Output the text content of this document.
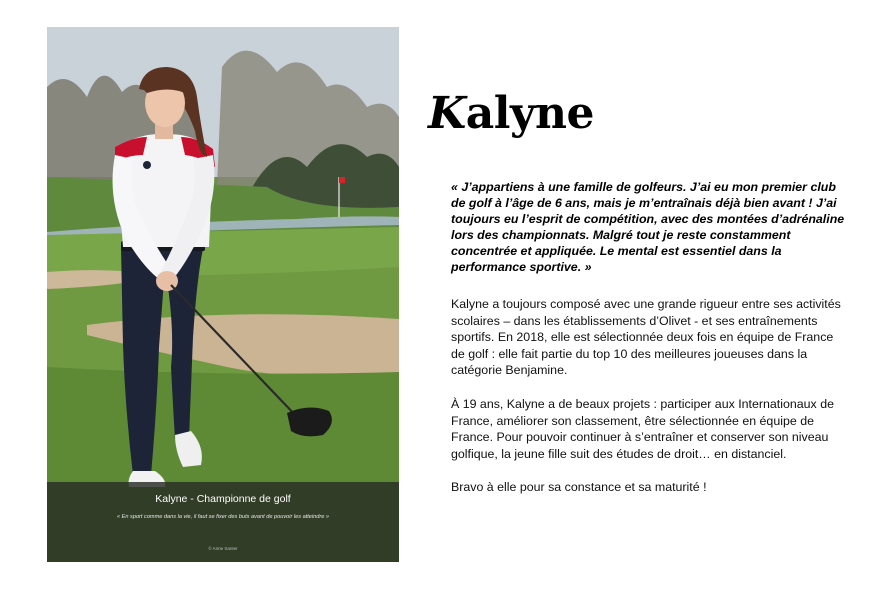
Kalyne - Championne de golf
« En sport comme dans la vie, il faut se fixer des buts avant de pouvoir les atteindre »
© Anne Santer
Kalyne

« J’appartiens à une famille de golfeurs. J’ai eu mon premier club de golf à l’âge de 6 ans, mais je m’entraînais déjà bien avant ! J’ai toujours eu l’esprit de compétition, avec des montées d’adrénaline lors des championnats. Malgré tout je reste constamment concentrée et appliquée. Le mental est essentiel dans la performance sportive. »

Kalyne a toujours composé avec une grande rigueur entre ses activités scolaires – dans les établissements d’Olivet - et ses entraînements sportifs. En 2018, elle est sélectionnée deux fois en équipe de France de golf : elle fait partie du top 10 des meilleures joueuses dans la catégorie Benjamine.

À 19 ans, Kalyne a de beaux projets : participer aux Internationaux de France, améliorer son classement, être sélectionnée en équipe de France. Pour pouvoir continuer à s’entraîner et conserver son niveau golfique, la jeune fille suit des études de droit… en distanciel.

Bravo à elle pour sa constance et sa maturité !
